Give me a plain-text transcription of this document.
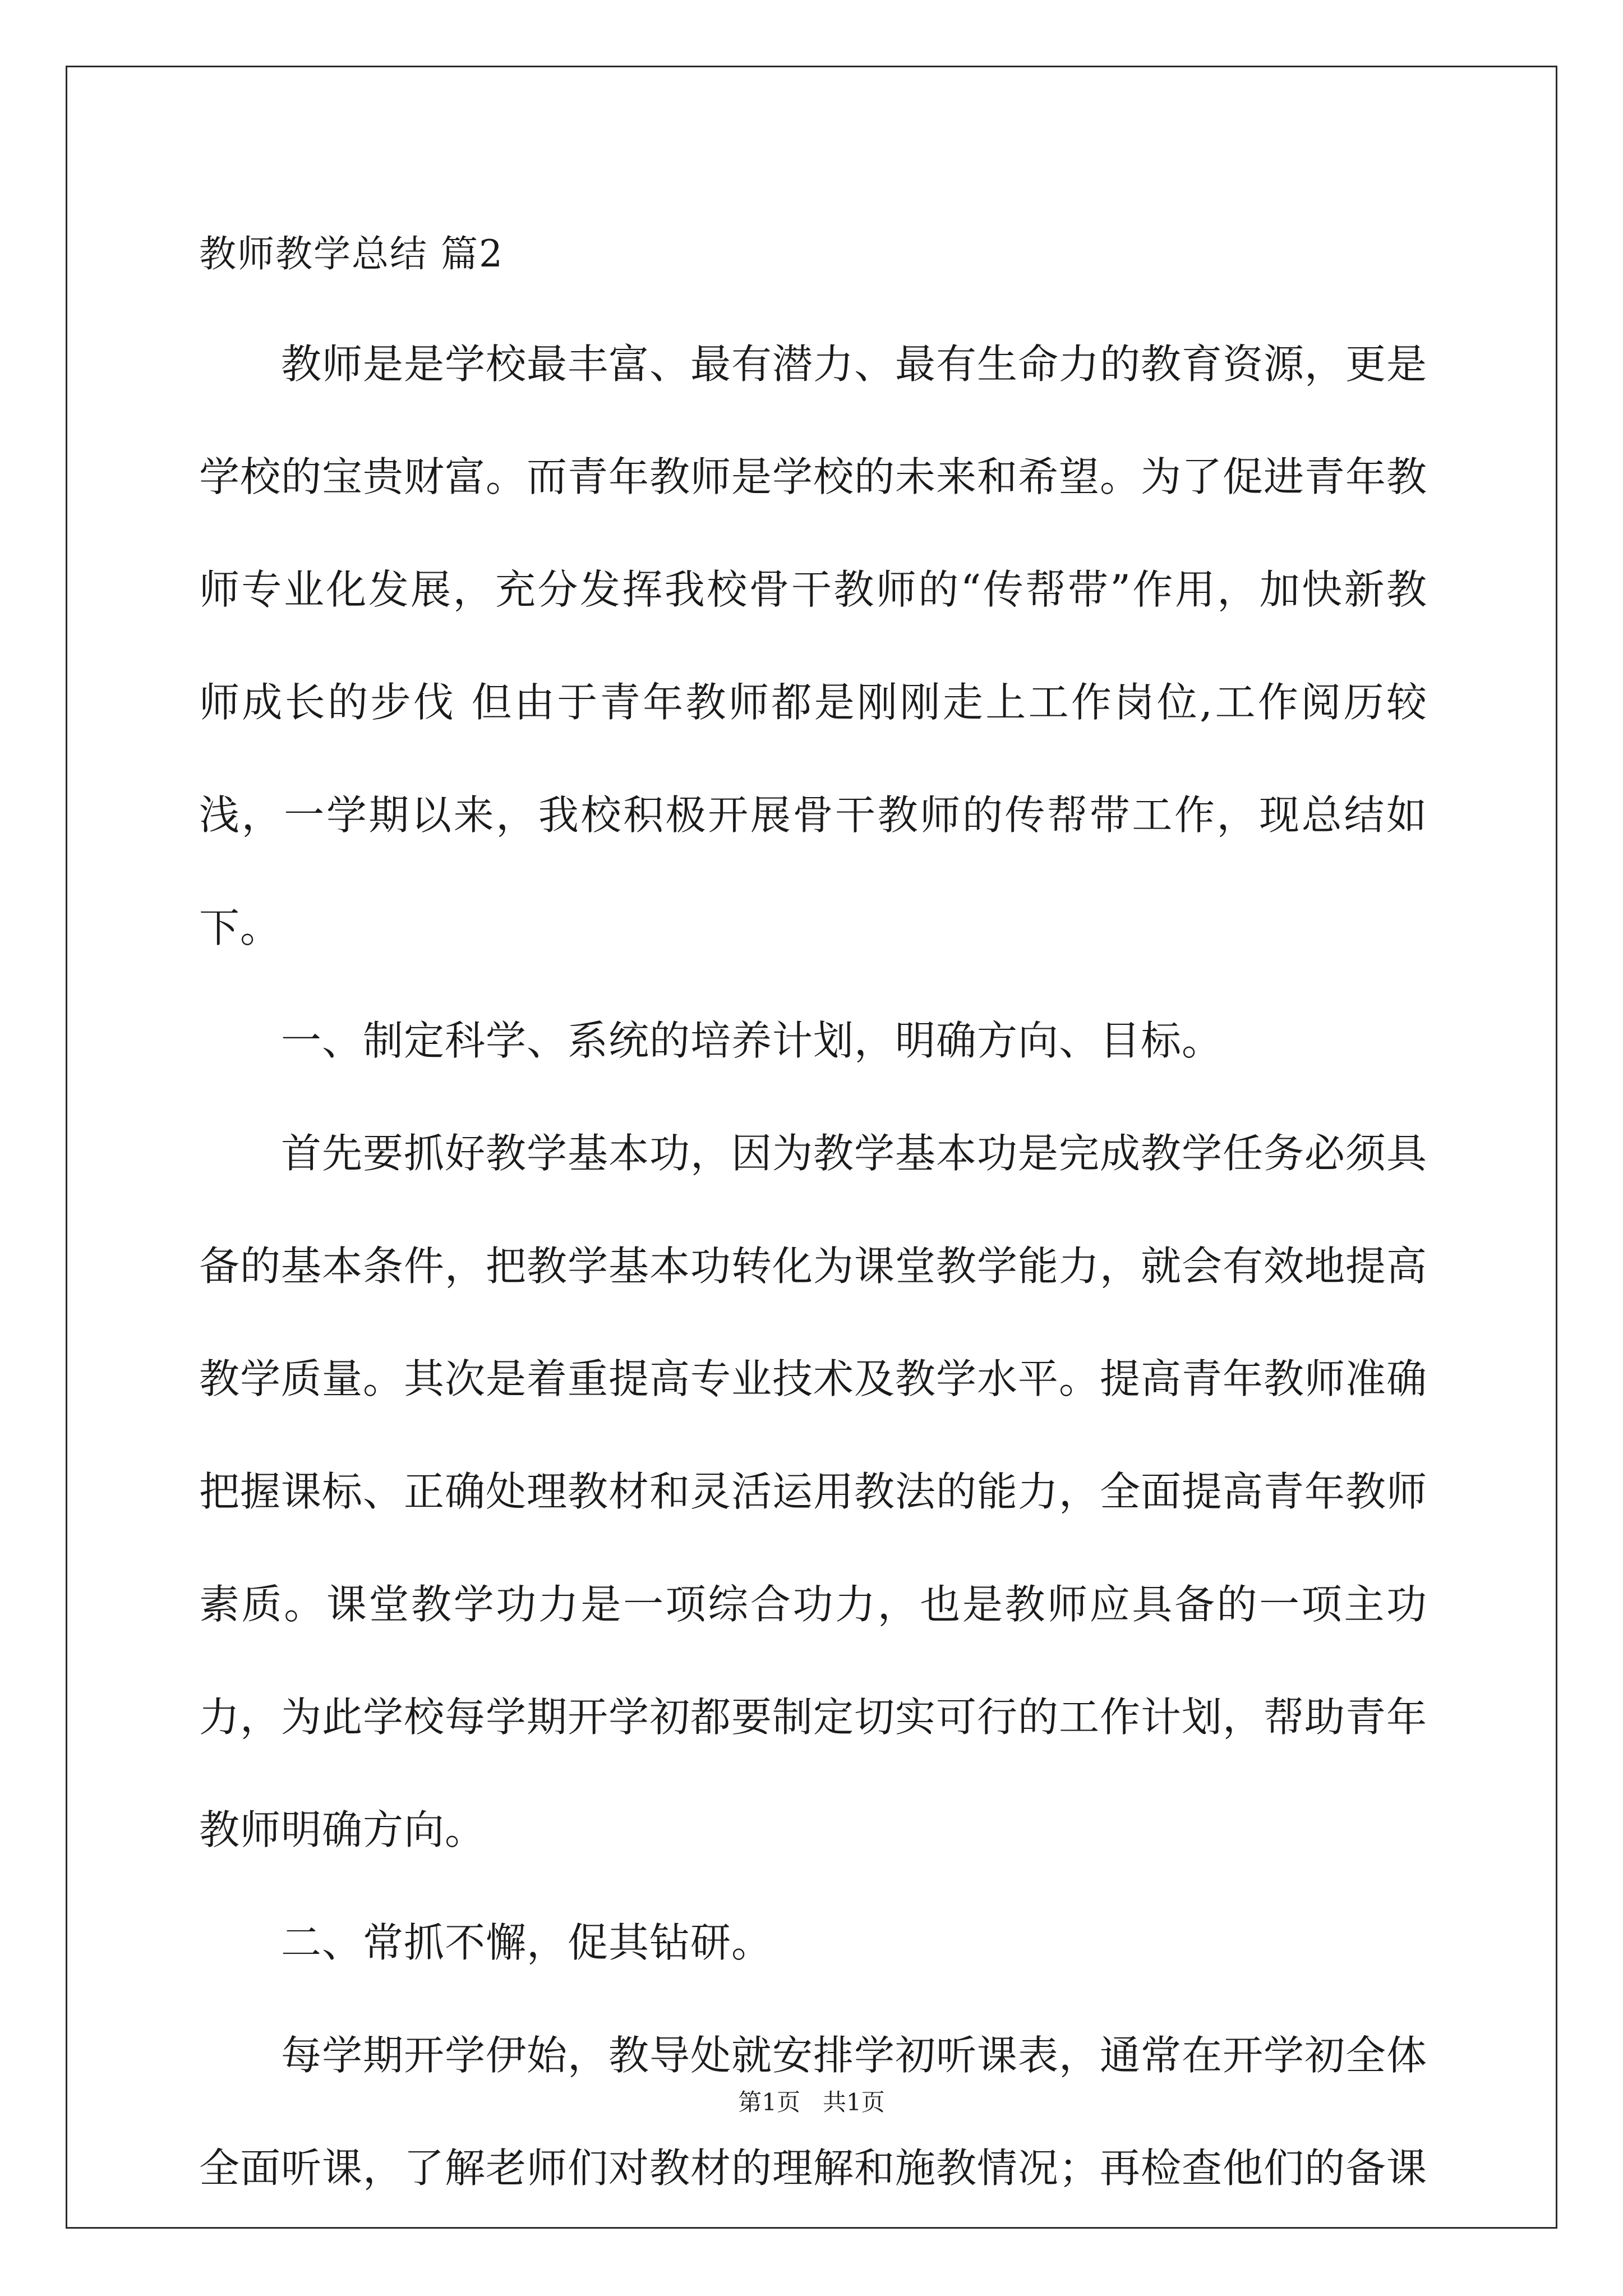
教师教学总结 篇2

教师是是学校最丰富、最有潜力、最有生命力的教育资源，更是学校的宝贵财富。而青年教师是学校的未来和希望。为了促进青年教师专业化发展，充分发挥我校骨干教师的“传帮带”作用，加快新教师成长的步伐 但由于青年教师都是刚刚走上工作岗位,工作阅历较浅，一学期以来，我校积极开展骨干教师的传帮带工作，现总结如下。

一、制定科学、系统的培养计划，明确方向、目标。

首先要抓好教学基本功，因为教学基本功是完成教学任务必须具备的基本条件，把教学基本功转化为课堂教学能力，就会有效地提高教学质量。其次是着重提高专业技术及教学水平。提高青年教师准确把握课标、正确处理教材和灵活运用教法的能力，全面提高青年教师素质。课堂教学功力是一项综合功力，也是教师应具备的一项主功力，为此学校每学期开学初都要制定切实可行的工作计划，帮助青年教师明确方向。

二、常抓不懈，促其钻研。

每学期开学伊始，教导处就安排学初听课表，通常在开学初全体全面听课，了解老师们对教材的理解和施教情况；再检查他们的备课

第1页 共1页
